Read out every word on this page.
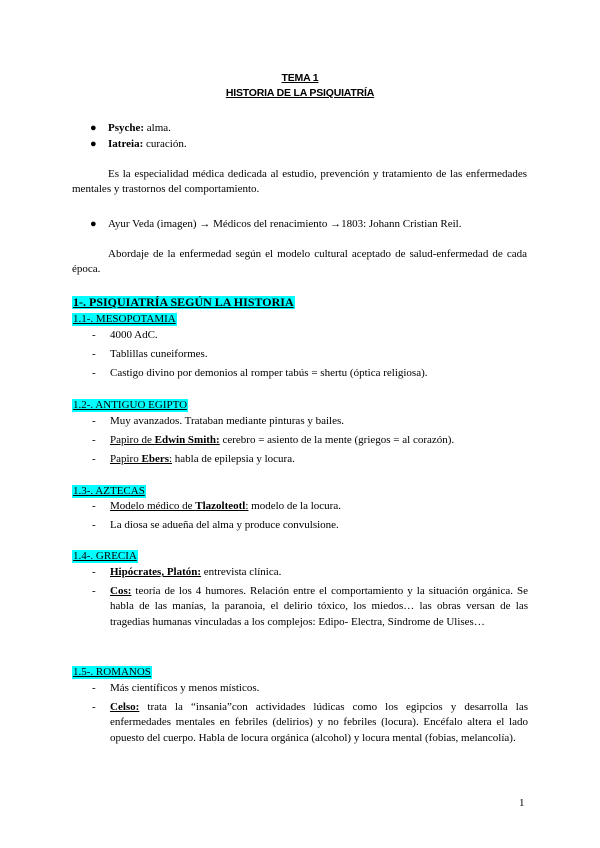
TEMA 1
HISTORIA DE LA PSIQUIATRÍA
● Psyche: alma.
● Iatreia: curación.

Es la especialidad médica dedicada al estudio, prevención y tratamiento de las enfermedades mentales y trastornos del comportamiento.

● Ayur Veda (imagen) → Médicos del renacimiento →1803: Johann Cristian Reil.

Abordaje de la enfermedad según el modelo cultural aceptado de salud-enfermedad de cada época.

1-. PSIQUIATRÍA SEGÚN LA HISTORIA
1.1-. MESOPOTAMIA
- 4000 AdC.
- Tablillas cuneiformes.
- Castigo divino por demonios al romper tabús = shertu (óptica religiosa).
1.2-. ANTIGUO EGIPTO
- Muy avanzados. Trataban mediante pinturas y bailes.
- Papiro de Edwin Smith: cerebro = asiento de la mente (griegos = al corazón).
- Papiro Ebers: habla de epilepsia y locura.
1.3-. AZTECAS
- Modelo médico de Tlazolteotl: modelo de la locura.
- La diosa se adueña del alma y produce convulsione.
1.4-. GRECIA
- Hipócrates, Platón: entrevista clínica.
- Cos: teoría de los 4 humores. Relación entre el comportamiento y la situación orgánica. Se habla de las manías, la paranoia, el delirio tóxico, los miedos… las obras versan de las tragedias humanas vinculadas a los complejos: Edipo- Electra, Síndrome de Ulises…
1.5-. ROMANOS
- Más científicos y menos místicos.
- Celso: trata la “insania”con actividades lúdicas como los egipcios y desarrolla las enfermedades mentales en febriles (delirios) y no febriles (locura). Encéfalo altera el lado opuesto del cuerpo. Habla de locura orgánica (alcohol) y locura mental (fobias, melancolía).
1
